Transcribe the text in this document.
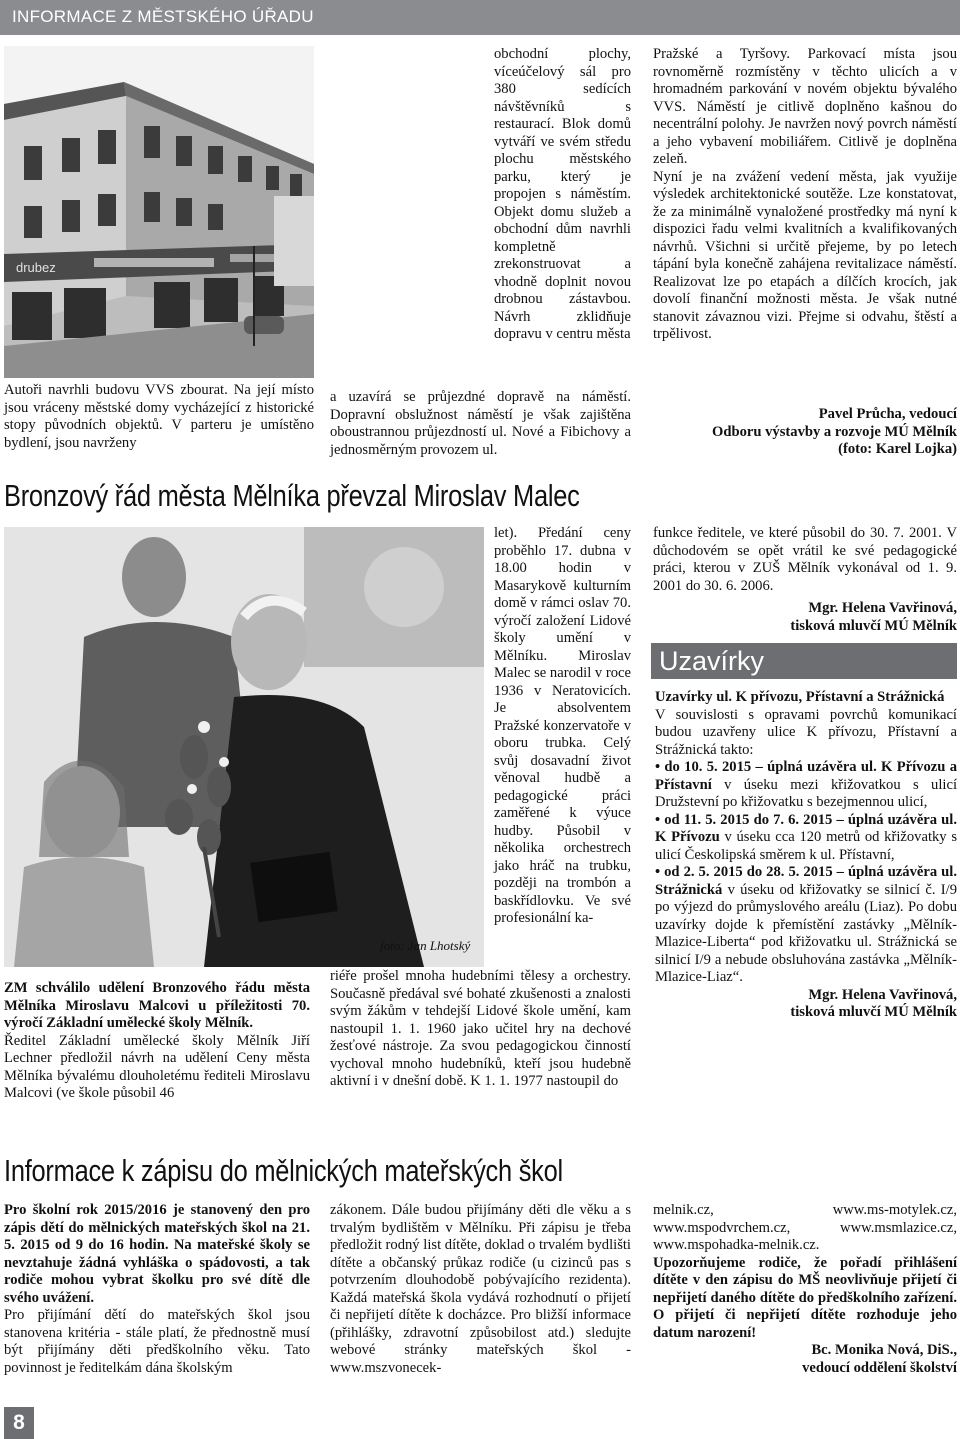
INFORMACE Z MĚSTSKÉHO ÚŘADU
drubez
Autoři navrhli budovu VVS zbourat. Na její místo jsou vráceny městské domy vycházející z historické stopy původních objektů. V parteru je umístěno bydlení, jsou navrženy
obchodní plochy, víceúčelový sál pro 380 sedících návštěvníků s restaurací. Blok domů vytváří ve svém středu plochu městského parku, který je propojen s náměstím. Objekt domu služeb a obchodní dům navrhli kompletně zrekonstruovat a vhodně doplnit novou drobnou zástavbou. Návrh zklidňuje dopravu v centru města
a uzavírá se průjezdné dopravě na náměstí. Dopravní obslužnost náměstí je však zajištěna oboustrannou průjezdností ul. Nové a Fibichovy a jednosměrným provozem ul.

Pražské a Tyršovy. Parkovací místa jsou rovnoměrně rozmístěny v těchto ulicích a v hromadném parkování v novém objektu bývalého VVS. Náměstí je citlivě doplněno kašnou do necentrální polohy. Je navržen nový povrch náměstí a jeho vybavení mobiliářem. Citlivě je doplněna zeleň.

Nyní je na zvážení vedení města, jak využije výsledek architektonické soutěže. Lze konstatovat, že za minimálně vynaložené prostředky má nyní k dispozici řadu velmi kvalitních a kvalifikovaných návrhů. Všichni si určitě přejeme, by po letech tápání byla konečně zahájena revitalizace náměstí. Realizovat lze po etapách a dílčích krocích, jak dovolí finanční možnosti města. Je však nutné stanovit závaznou vizi. Přejme si odvahu, štěstí a trpělivost.

Pavel Průcha, vedoucí

Odboru výstavby a rozvoje MÚ Mělník

(foto: Karel Lojka)

Bronzový řád města Mělníka převzal Miroslav Malec
foto: Jan Lhotský

ZM schválilo udělení Bronzového řádu města Mělníka Miroslavu Malcovi u příležitosti 70. výročí Základní umělecké školy Mělník.

Ředitel Základní umělecké školy Mělník Jiří Lechner předložil návrh na udělení Ceny města Mělníka bývalému dlouholetému řediteli Miroslavu Malcovi (ve škole působil 46

let). Předání ceny proběhlo 17. dubna v 18.00 hodin v Masarykově kulturním domě v rámci oslav 70. výročí založení Lidové školy umění v Mělníku. Miroslav Malec se narodil v roce 1936 v Neratovicích. Je absolventem Pražské konzervatoře v oboru trubka. Celý svůj dosavadní život věnoval hudbě a pedagogické práci zaměřené k výuce hudby. Působil v několika orchestrech jako hráč na trubku, později na trombón a baskřídlovku. Ve své profesionální ka-
riéře prošel mnoha hudebními tělesy a orchestry. Současně předával své bohaté zkušenosti a znalosti svým žákům v tehdejší Lidové škole umění, kam nastoupil 1. 1. 1960 jako učitel hry na dechové žesťové nástroje. Za svou pedagogickou činností vychoval mnoho hudebníků, kteří jsou hudebně aktivní i v dnešní době. K 1. 1. 1977 nastoupil do
funkce ředitele, ve které působil do 30. 7. 2001. V důchodovém se opět vrátil ke své pedagogické práci, kterou v ZUŠ Mělník vykonával od 1. 9. 2001 do 30. 6. 2006.

Mgr. Helena Vavřinová,

tisková mluvčí MÚ Mělník

Uzavírky

Uzavírky ul. K přívozu, Přístavní a Strážnická

V souvislosti s opravami povrchů komunikací budou uzavřeny ulice K přívozu, Přístavní a Strážnická takto:

• do 10. 5. 2015 – úplná uzávěra ul. K Přívozu a Přístavní v úseku mezi křižovatkou s ulicí Družstevní po křižovatku s bezejmennou ulicí,

• od 11. 5. 2015 do 7. 6. 2015 – úplná uzávěra ul. K Přívozu v úseku cca 120 metrů od křižovatky s ulicí Českolipská směrem k ul. Přístavní,

• od 2. 5. 2015 do 28. 5. 2015 – úplná uzávěra ul. Strážnická v úseku od křižovatky se silnicí č. I/9 po výjezd do průmyslového areálu (Liaz). Po dobu uzavírky dojde k přemístění zastávky „Mělník-Mlazice-Liberta“ pod křižovatku ul. Strážnická se silnicí I/9 a nebude obsluhována zastávka „Mělník-Mlazice-Liaz“.

Mgr. Helena Vavřinová,

tisková mluvčí MÚ Mělník

Informace k zápisu do mělnických mateřských škol

Pro školní rok 2015/2016 je stanovený den pro zápis dětí do mělnických mateřských škol na 21. 5. 2015 od 9 do 16 hodin. Na mateřské školy se nevztahuje žádná vyhláška o spádovosti, a tak rodiče mohou vybrat školku pro své dítě dle svého uvážení.

Pro přijímání dětí do mateřských škol jsou stanovena kritéria - stále platí, že přednostně musí být přijímány děti předškolního věku. Tato povinnost je ředitelkám dána školským

zákonem. Dále budou přijímány děti dle věku a s trvalým bydlištěm v Mělníku. Při zápisu je třeba předložit rodný list dítěte, doklad o trvalém bydlišti dítěte a občanský průkaz rodiče (u cizinců pas s potvrzením dlouhodobě pobývajícího rezidenta). Každá mateřská škola vydává rozhodnutí o přijetí či nepřijetí dítěte k docházce. Pro bližší informace (přihlášky, zdravotní způsobilost atd.) sledujte webové stránky mateřských škol - www.mszvonecek-

melnik.cz, www.ms-motylek.cz, www.mspodvrchem.cz, www.msmlazice.cz, www.mspohadka-melnik.cz.

Upozorňujeme rodiče, že pořadí přihlášení dítěte v den zápisu do MŠ neovlivňuje přijetí či nepřijetí daného dítěte do předškolního zařízení. O přijetí či nepřijetí dítěte rozhoduje jeho datum narození!

Bc. Monika Nová, DiS.,

vedoucí oddělení školství

8
